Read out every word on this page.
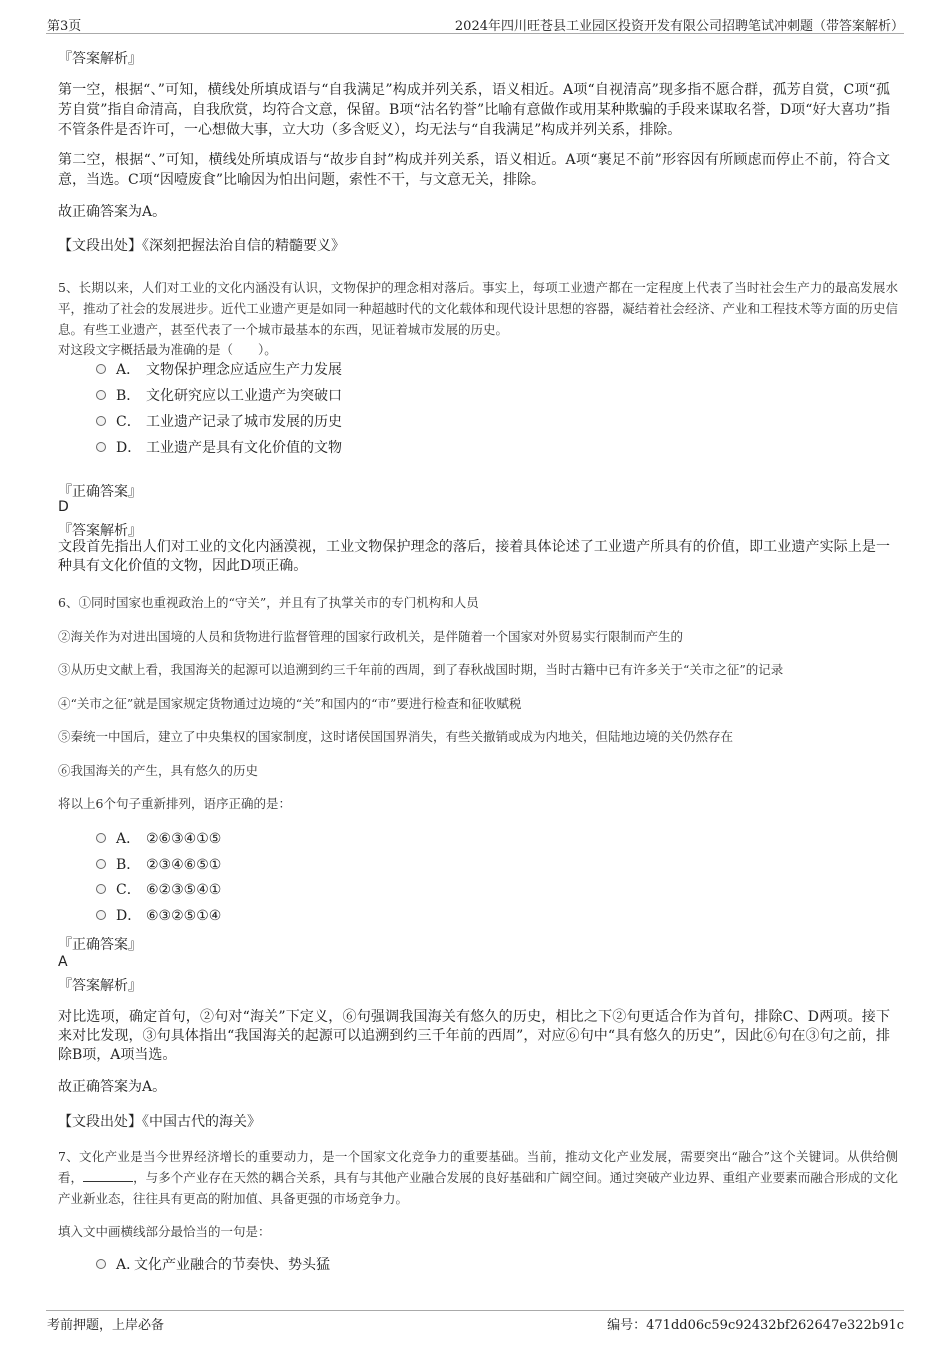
第3页	2024年四川旺苍县工业园区投资开发有限公司招聘笔试冲刺题（带答案解析）
『答案解析』
第一空，根据“、”可知，横线处所填成语与“自我满足”构成并列关系，语义相近。A项“自视清高”现多指不愿合群，孤芳自赏，C项“孤芳自赏”指自命清高，自我欣赏，均符合文意，保留。B项“沽名钓誉”比喻有意做作或用某种欺骗的手段来谋取名誉，D项“好大喜功”指不管条件是否许可，一心想做大事，立大功（多含贬义），均无法与“自我满足”构成并列关系，排除。
第二空，根据“、”可知，横线处所填成语与“故步自封”构成并列关系，语义相近。A项“裹足不前”形容因有所顾虑而停止不前，符合文意，当选。C项“因噎废食”比喻因为怕出问题，索性不干，与文意无关，排除。
故正确答案为A。
【文段出处】《深刻把握法治自信的精髓要义》
5、长期以来，人们对工业的文化内涵没有认识，文物保护的理念相对落后。事实上，每项工业遗产都在一定程度上代表了当时社会生产力的最高发展水平，推动了社会的发展进步。近代工业遗产更是如同一种超越时代的文化载体和现代设计思想的容器，凝结着社会经济、产业和工程技术等方面的历史信息。有些工业遗产，甚至代表了一个城市最基本的东西，见证着城市发展的历史。
对这段文字概括最为准确的是（　　）。
A． 文物保护理念应适应生产力发展
B． 文化研究应以工业遗产为突破口
C． 工业遗产记录了城市发展的历史
D． 工业遗产是具有文化价值的文物
『正确答案』
D
『答案解析』
文段首先指出人们对工业的文化内涵漠视，工业文物保护理念的落后，接着具体论述了工业遗产所具有的价值，即工业遗产实际上是一种具有文化价值的文物，因此D项正确。
6、①同时国家也重视政治上的“守关”，并且有了执掌关市的专门机构和人员
②海关作为对进出国境的人员和货物进行监督管理的国家行政机关，是伴随着一个国家对外贸易实行限制而产生的
③从历史文献上看，我国海关的起源可以追溯到约三千年前的西周，到了春秋战国时期，当时古籍中已有许多关于“关市之征”的记录
④“关市之征”就是国家规定货物通过边境的“关”和国内的“市”要进行检查和征收赋税
⑤秦统一中国后，建立了中央集权的国家制度，这时诸侯国国界消失，有些关撤销或成为内地关，但陆地边境的关仍然存在
⑥我国海关的产生，具有悠久的历史
将以上6个句子重新排列，语序正确的是：
A． ②⑥③④①⑤
B． ②③④⑥⑤①
C． ⑥②③⑤④①
D． ⑥③②⑤①④
『正确答案』
A
『答案解析』
对比选项，确定首句，②句对“海关”下定义，⑥句强调我国海关有悠久的历史，相比之下②句更适合作为首句，排除C、D两项。接下来对比发现，③句具体指出“我国海关的起源可以追溯到约三千年前的西周”，对应⑥句中“具有悠久的历史”，因此⑥句在③句之前，排除B项，A项当选。
故正确答案为A。
【文段出处】《中国古代的海关》
7、文化产业是当今世界经济增长的重要动力，是一个国家文化竞争力的重要基础。当前，推动文化产业发展，需要突出“融合”这个关键词。从供给侧看，	，与多个产业存在天然的耦合关系，具有与其他产业融合发展的良好基础和广阔空间。通过突破产业边界、重组产业要素而融合形成的文化产业新业态，往往具有更高的附加值、具备更强的市场竞争力。
填入文中画横线部分最恰当的一句是：
A．文化产业融合的节奏快、势头猛
考前押题，上岸必备	编号：471dd06c59c92432bf262647e322b91c
